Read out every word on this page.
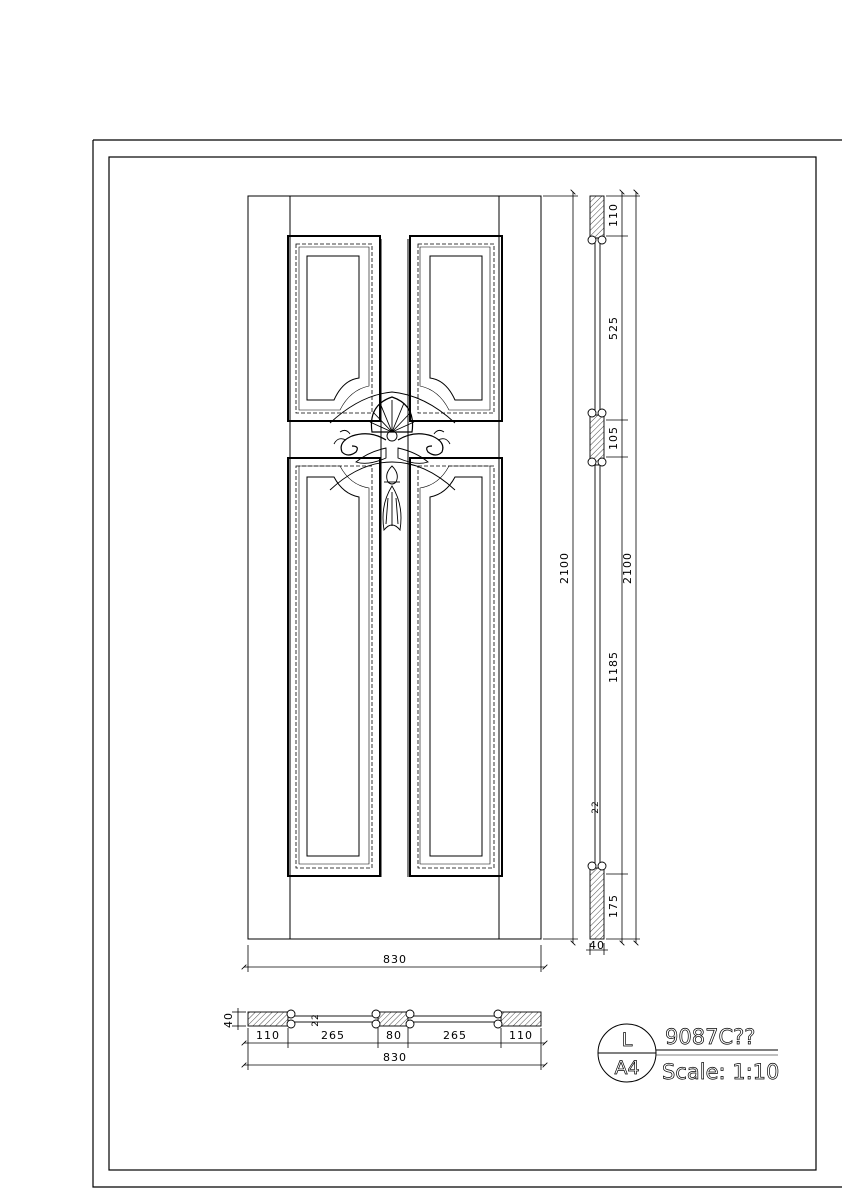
830
2100
110
525
105
1185
175
2100
22
40
40	22
110	265	80	265	110
830
L
A4
9087C??
Scale: 1:10
